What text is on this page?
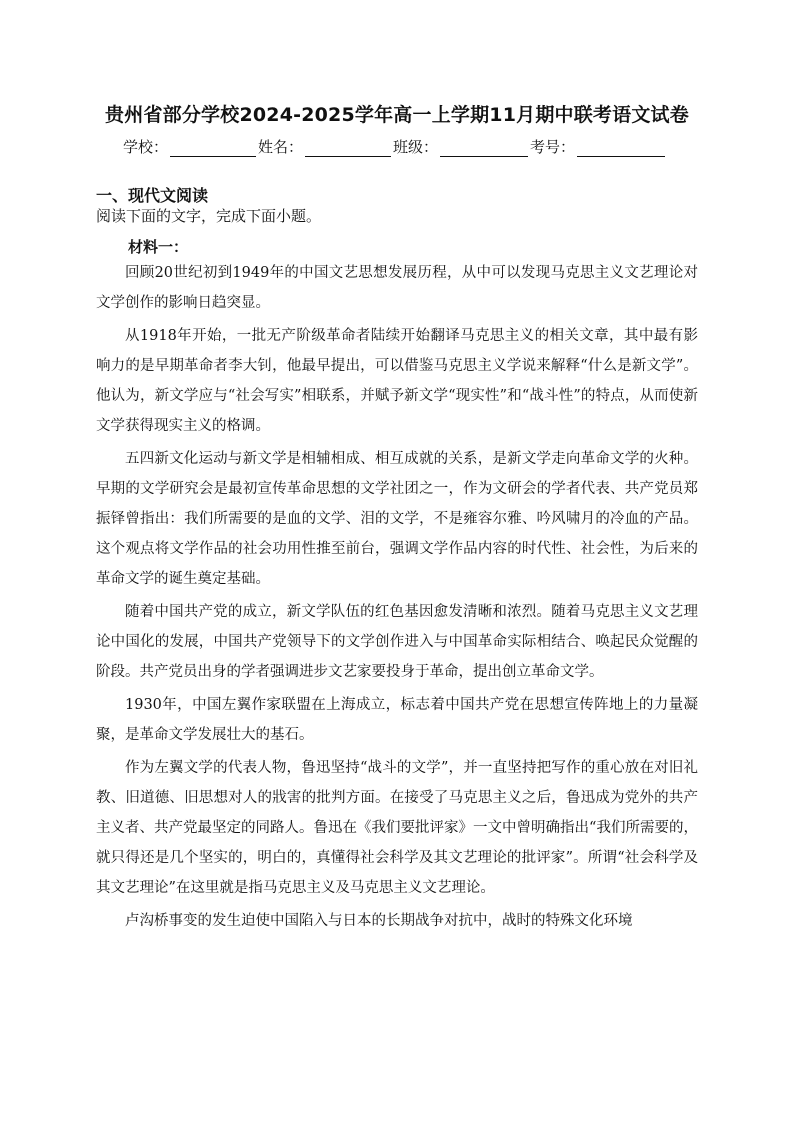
贵州省部分学校2024-2025学年高一上学期11月期中联考语文试卷
学校：	姓名：	班级：	考号：
一、现代文阅读
阅读下面的文字，完成下面小题。
材料一：

回顾20世纪初到1949年的中国文艺思想发展历程，从中可以发现马克思主义文艺理论对文学创作的影响日趋突显。

从1918年开始，一批无产阶级革命者陆续开始翻译马克思主义的相关文章，其中最有影响力的是早期革命者李大钊，他最早提出，可以借鉴马克思主义学说来解释“什么是新文学”。他认为，新文学应与“社会写实”相联系，并赋予新文学“现实性”和“战斗性”的特点，从而使新文学获得现实主义的格调。

五四新文化运动与新文学是相辅相成、相互成就的关系，是新文学走向革命文学的火种。早期的文学研究会是最初宣传革命思想的文学社团之一，作为文研会的学者代表、共产党员郑振铎曾指出：我们所需要的是血的文学、泪的文学，不是雍容尔雅、吟风啸月的冷血的产品。这个观点将文学作品的社会功用性推至前台，强调文学作品内容的时代性、社会性，为后来的革命文学的诞生奠定基础。

随着中国共产党的成立，新文学队伍的红色基因愈发清晰和浓烈。随着马克思主义文艺理论中国化的发展，中国共产党领导下的文学创作进入与中国革命实际相结合、唤起民众觉醒的阶段。共产党员出身的学者强调进步文艺家要投身于革命，提出创立革命文学。

1930年，中国左翼作家联盟在上海成立，标志着中国共产党在思想宣传阵地上的力量凝聚，是革命文学发展壮大的基石。

作为左翼文学的代表人物，鲁迅坚持“战斗的文学”，并一直坚持把写作的重心放在对旧礼教、旧道德、旧思想对人的戕害的批判方面。在接受了马克思主义之后，鲁迅成为党外的共产主义者、共产党最坚定的同路人。鲁迅在《我们要批评家》一文中曾明确指出“我们所需要的，就只得还是几个坚实的，明白的，真懂得社会科学及其文艺理论的批评家”。所谓“社会科学及其文艺理论”在这里就是指马克思主义及马克思主义文艺理论。

卢沟桥事变的发生迫使中国陷入与日本的长期战争对抗中，战时的特殊文化环境
